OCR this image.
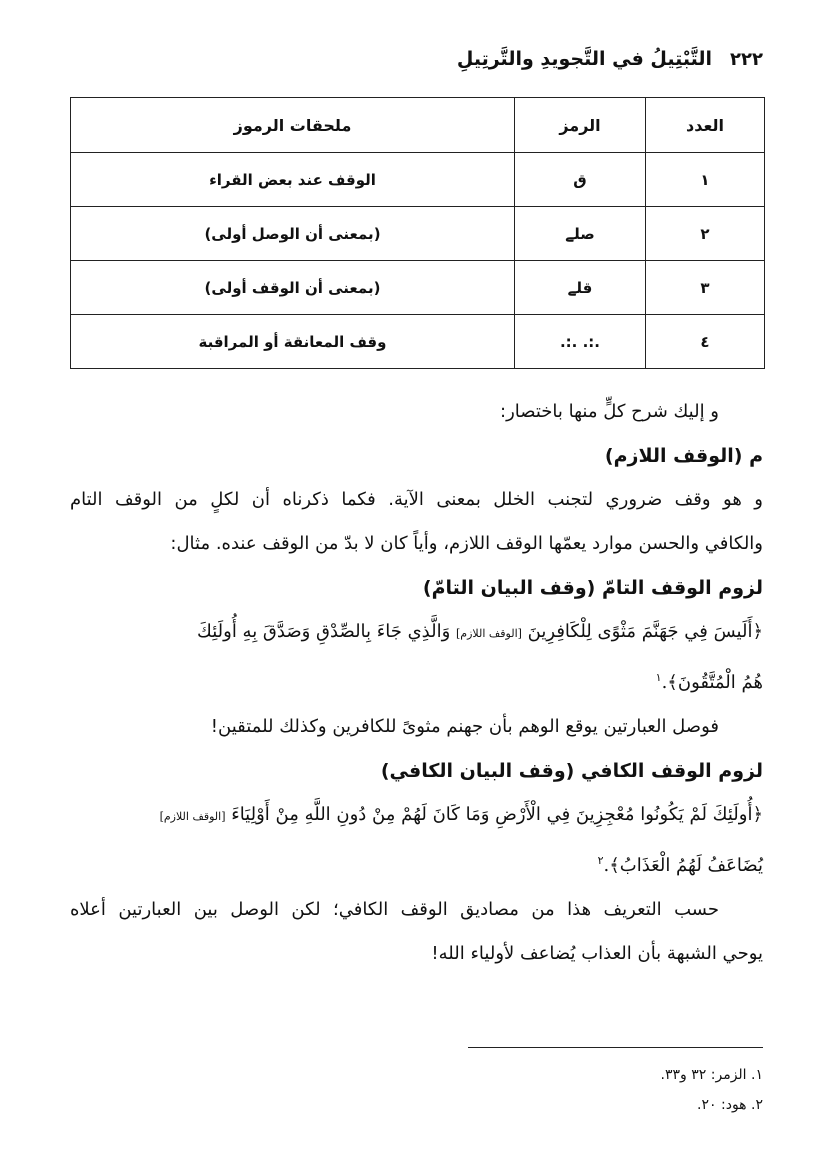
٢٢٢
التَّبْتِيلُ في التَّجويدِ والتَّرتِيلِ
العدد	الرمز	ملحقات الرموز
١	ق	الوقف عند بعض القراء
٢	صلے	(بمعنى أن الوصل أولى)
٣	قلے	(بمعنى أن الوقف أولى)
٤	.:. .:.	وقف المعانقة أو المراقبة
و إليك شرح كلٍّ منها باختصار:
م (الوقف اللازم)
و هو وقف ضروري لتجنب الخلل بمعنى الآية. فكما ذكرناه أن لكلٍ من الوقف التام
والكافي والحسن موارد يعمّها الوقف اللازم، وأياً كان لا بدّ من الوقف عنده. مثال:
لزوم الوقف التامّ (وقف البيان التامّ)
﴿أَلَيسَ فِي جَهَنَّمَ مَثْوًى لِلْكَافِرِينَ [الوقف اللازم] وَالَّذِي جَاءَ بِالصِّدْقِ وَصَدَّقَ بِهِ أُولَئِكَ
هُمُ الْمُتَّقُونَ﴾.$^١$
فوصل العبارتين يوقع الوهم بأن جهنم مثوىً للكافرين وكذلك للمتقين!
لزوم الوقف الكافي (وقف البيان الكافي)
﴿أُولَئِكَ لَمْ يَكُونُوا مُعْجِزِينَ فِي الْأَرْضِ وَمَا كَانَ لَهُمْ مِنْ دُونِ اللَّهِ مِنْ أَوْلِيَاءَ [الوقف اللازم]
يُضَاعَفُ لَهُمُ الْعَذَابُ﴾.$^٢$
حسب التعريف هذا من مصاديق الوقف الكافي؛ لكن الوصل بين العبارتين أعلاه
يوحي الشبهة بأن العذاب يُضاعف لأولياء الله!
١. الزمر: ٣٢ و٣٣.
٢. هود: ٢٠.
